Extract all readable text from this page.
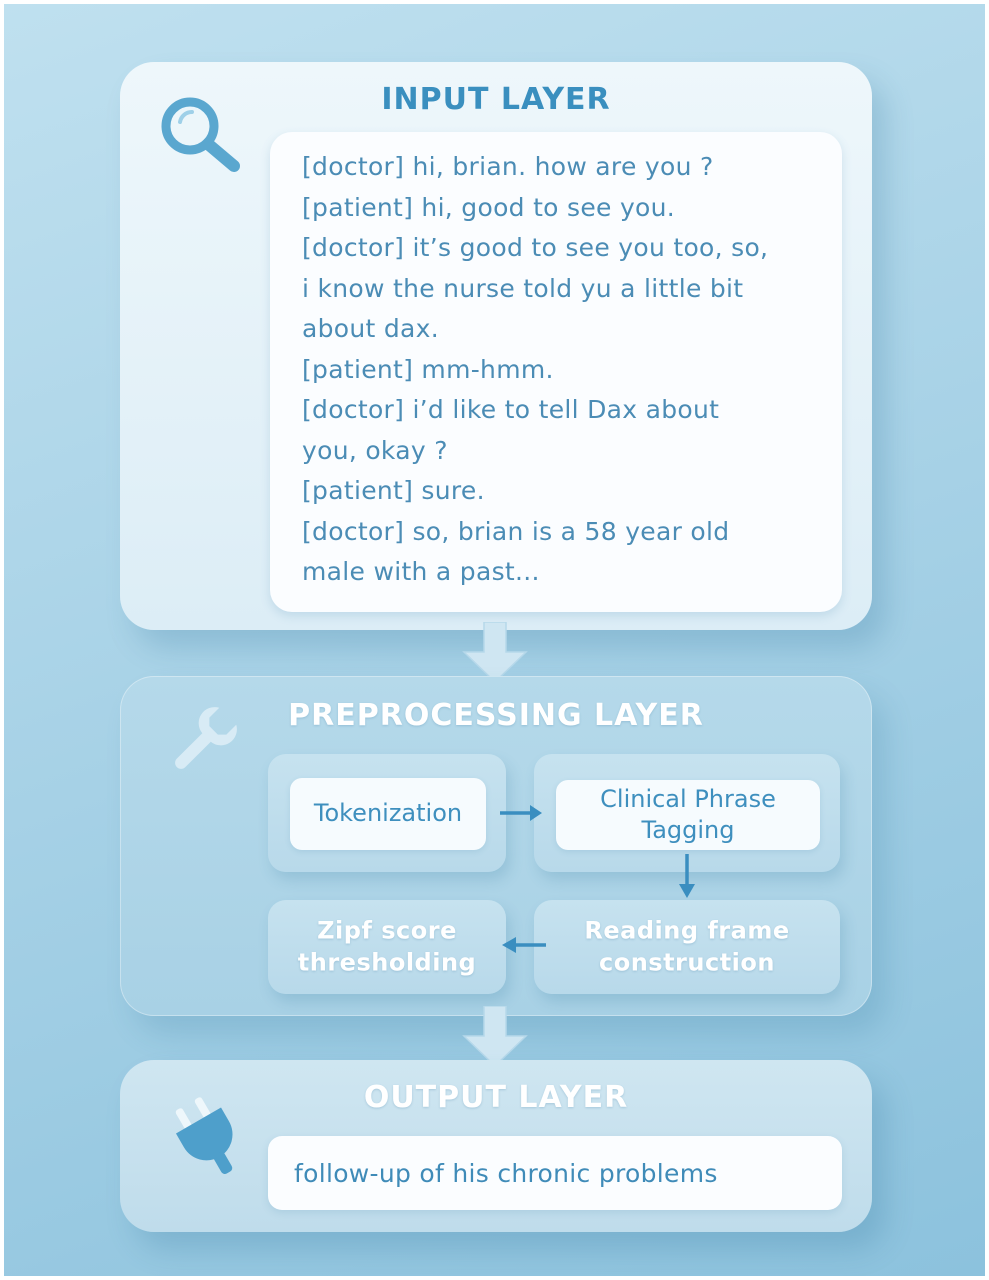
INPUT LAYER
[doctor] hi, brian. how are you ?
[patient] hi, good to see you.
[doctor] it’s good to see you too, so,
i know the nurse told yu a little bit
about dax.
[patient] mm-hmm.
[doctor] i’d like to tell Dax about
you, okay ?
[patient] sure.
[doctor] so, brian is a 58 year old
male with a past...
PREPROCESSING LAYER
Tokenization
Clinical Phrase
Tagging
Zipf score
thresholding
Reading frame
construction
OUTPUT LAYER
follow-up of his chronic problems
